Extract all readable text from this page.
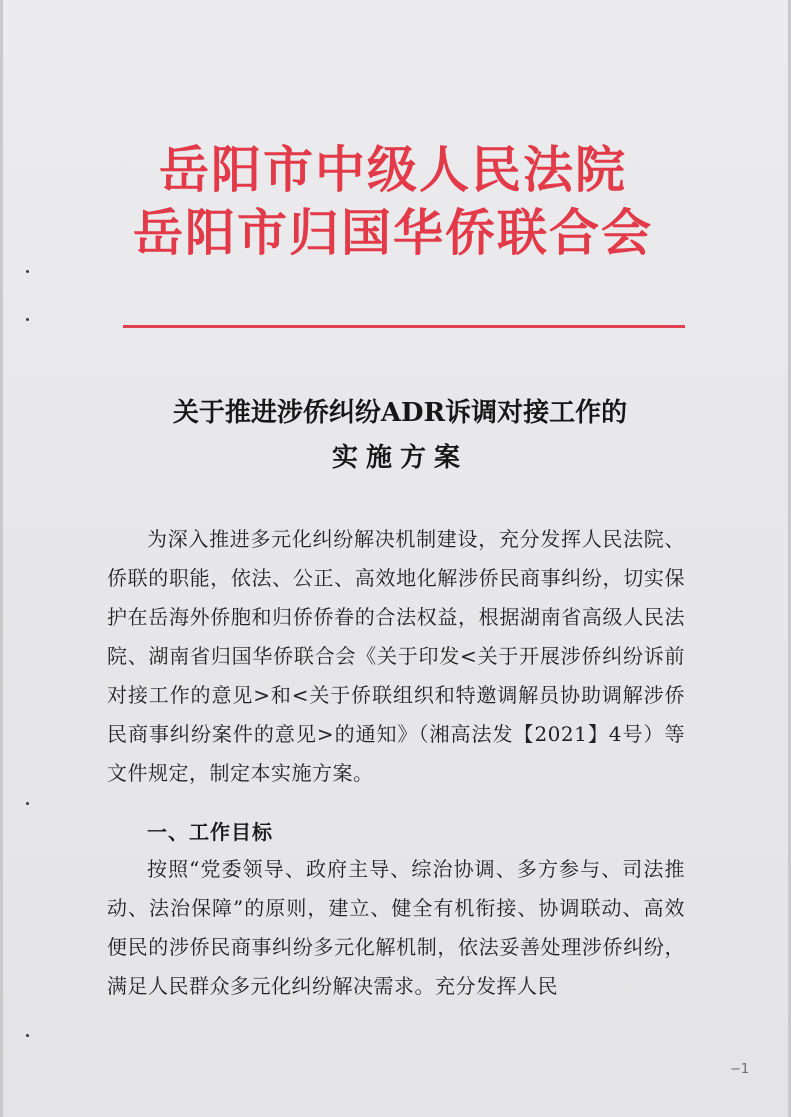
岳阳市中级人民法院
岳阳市归国华侨联合会
关于推进涉侨纠纷ADR诉调对接工作的
实施方案

为深入推进多元化纠纷解决机制建设，充分发挥人民法院、侨联的职能，依法、公正、高效地化解涉侨民商事纠纷，切实保护在岳海外侨胞和归侨侨眷的合法权益，根据湖南省高级人民法院、湖南省归国华侨联合会《关于印发<关于开展涉侨纠纷诉前对接工作的意见>和<关于侨联组织和特邀调解员协助调解涉侨民商事纠纷案件的意见>的通知》（湘高法发【2021】4号）等文件规定，制定本实施方案。

一、工作目标

按照“党委领导、政府主导、综治协调、多方参与、司法推动、法治保障”的原则，建立、健全有机衔接、协调联动、高效便民的涉侨民商事纠纷多元化解机制，依法妥善处理涉侨纠纷，满足人民群众多元化纠纷解决需求。充分发挥人民

−1
